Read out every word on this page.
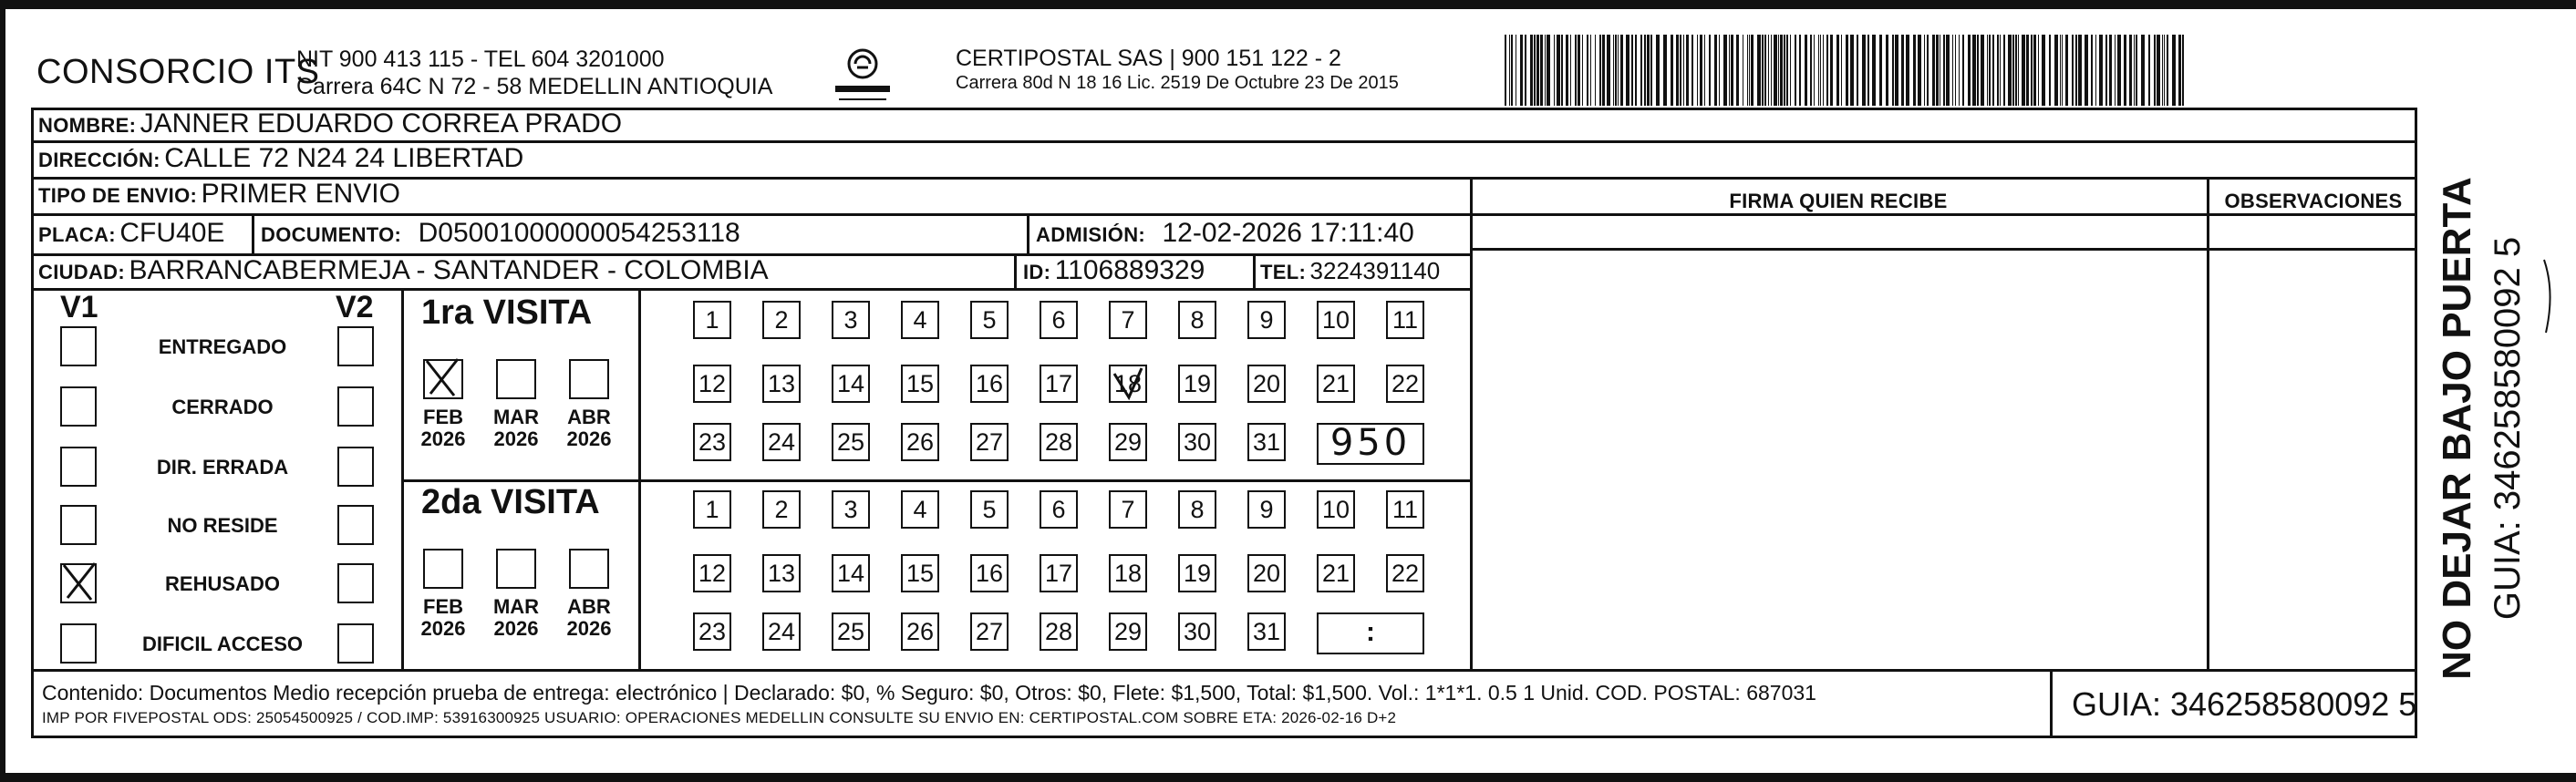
CONSORCIO ITS
NIT 900 413 115 - TEL 604 3201000
Carrera 64C N 72 - 58 MEDELLIN ANTIOQUIA
CERTIPOSTAL SAS | 900 151 122 - 2
Carrera 80d N 18 16 Lic. 2519 De Octubre 23 De 2015
NOMBRE: JANNER EDUARDO CORREA PRADO
DIRECCIÓN: CALLE 72 N24 24 LIBERTAD
TIPO DE ENVIO: PRIMER ENVIO
PLACA: CFU40E DOCUMENTO: D05001000000054253118	ADMISIÓN: 12-02-2026 17:11:40
CIUDAD: BARRANCABERMEJA - SANTANDER - COLOMBIA	ID: 1106889329	TEL: 3224391140
FIRMA QUIEN RECIBE	OBSERVACIONES
V1	V2
ENTREGADO
CERRADO
DIR. ERRADA
NO RESIDE
REHUSADO
DIFICIL ACCESO
1ra VISITA
2da VISITA
FEB
2026
MAR
2026
ABR
2026
1	2	3	4	5	6	7	8	9	10 11
12 13 14 15 16 17 18 19 20 21 22
23 24 25 26 27 28 29 30 31	950
FEB
2026
MAR
2026
ABR
2026
1	2	3	4	5	6	7	8	9	10 11
12 13 14 15 16 17 18 19 20 21 22
23 24 25 26 27 28 29 30 31	:
Contenido: Documentos Medio recepción prueba de entrega: electrónico | Declarado: $0, % Seguro: $0, Otros: $0, Flete: $1,500, Total: $1,500. Vol.: 1*1*1. 0.5 1 Unid. COD. POSTAL: 687031
IMP POR FIVEPOSTAL ODS: 25054500925 / COD.IMP: 53916300925 USUARIO: OPERACIONES MEDELLIN CONSULTE SU ENVIO EN: CERTIPOSTAL.COM SOBRE ETA: 2026-02-16 D+2	GUIA: 346258580092 5
NO DEJAR BAJO PUERTA GUIA: 346258580092 5
